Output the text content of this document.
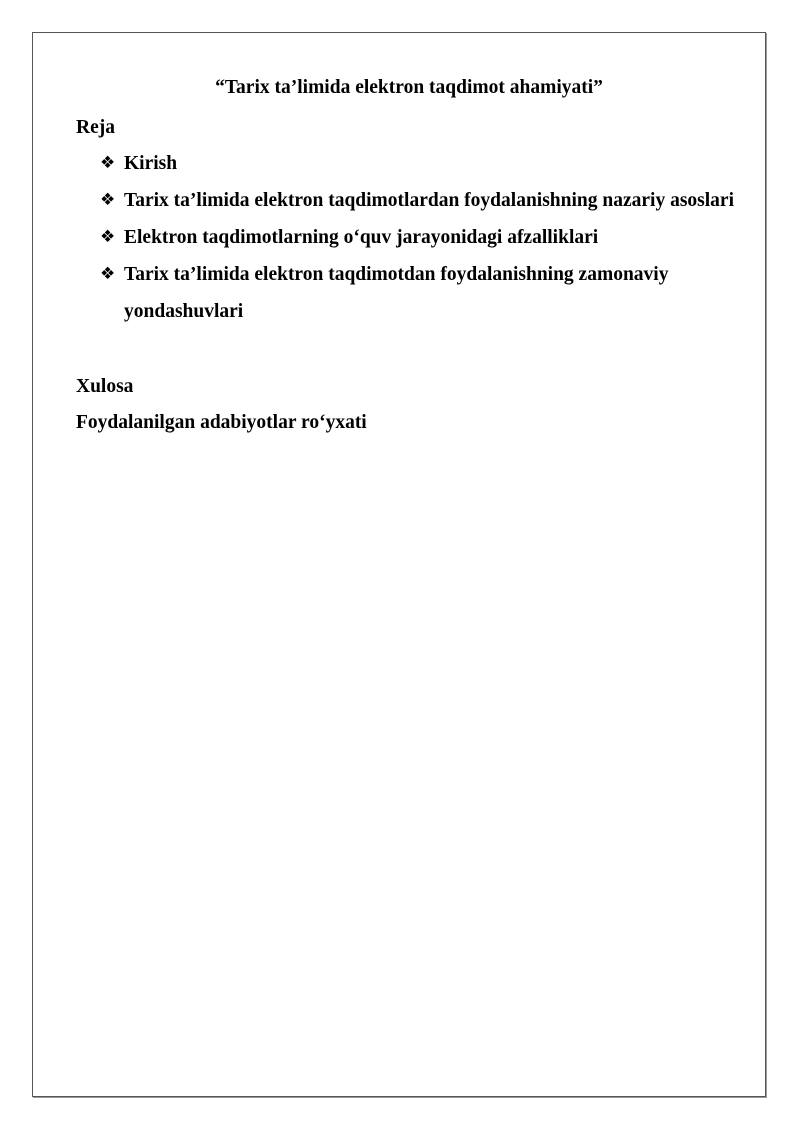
“Tarix ta’limida elektron taqdimot ahamiyati”
Reja
❖ Kirish
❖ Tarix ta’limida elektron taqdimotlardan foydalanishning nazariy asoslari
❖ Elektron taqdimotlarning o‘quv jarayonidagi afzalliklari
❖ Tarix ta’limida elektron taqdimotdan foydalanishning zamonaviy yondashuvlari
Xulosa
Foydalanilgan adabiyotlar ro‘yxati
